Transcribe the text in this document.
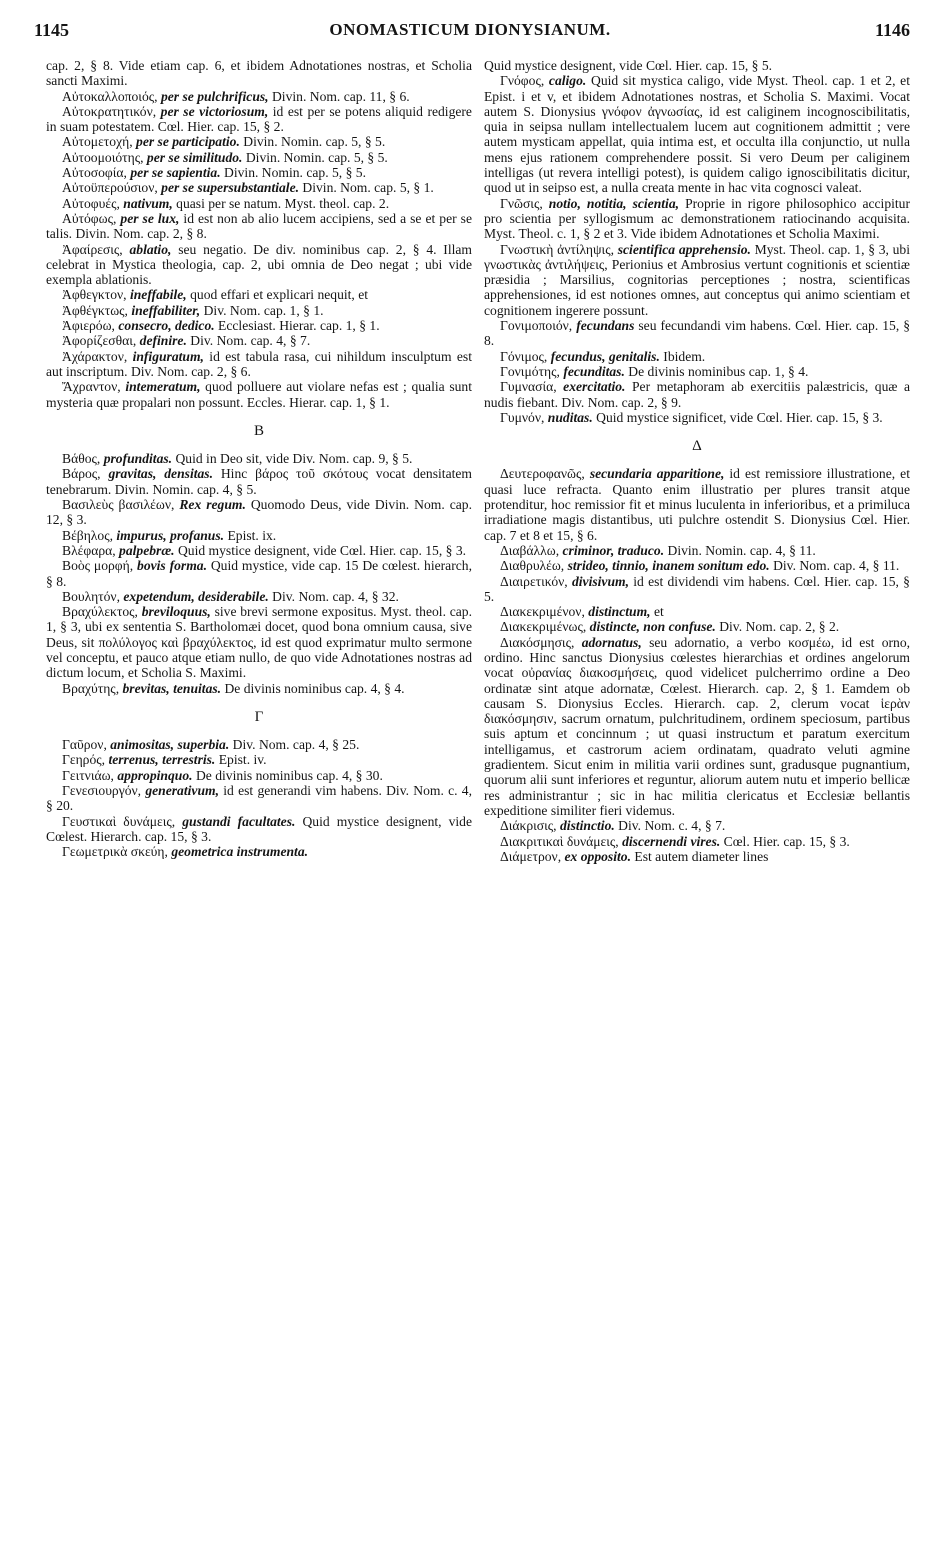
1145	ONOMASTICUM DIONYSIANUM.	1146

cap. 2, § 8. Vide etiam cap. 6, et ibidem Adnotationes nostras, et Scholia sancti Maximi.

Αὐτοκαλλοποιός, per se pulchrificus, Divin. Nom. cap. 11, § 6.

Αὐτοκρατητικόν, per se victoriosum, id est per se potens aliquid redigere in suam potestatem. Cœl. Hier. cap. 15, § 2.

Αὐτομετοχή, per se participatio. Divin. Nomin. cap. 5, § 5.

Αὐτοομοιότης, per se similitudo. Divin. Nomin. cap. 5, § 5.

Αὐτοσοφία, per se sapientia. Divin. Nomin. cap. 5, § 5.

Αὐτοϋπερούσιον, per se supersubstantiale. Divin. Nom. cap. 5, § 1.

Αὐτοφυές, nativum, quasi per se natum. Myst. theol. cap. 2.

Αὐτόφως, per se lux, id est non ab alio lucem accipiens, sed a se et per se talis. Divin. Nom. cap. 2, § 8.

Ἀφαίρεσις, ablatio, seu negatio. De div. nominibus cap. 2, § 4. Illam celebrat in Mystica theologia, cap. 2, ubi omnia de Deo negat ; ubi vide exempla ablationis.

Ἀφθεγκτον, ineffabile, quod effari et explicari nequit, et

Ἀφθέγκτως, ineffabiliter, Div. Nom. cap. 1, § 1.

Ἀφιερόω, consecro, dedico. Ecclesiast. Hierar. cap. 1, § 1.

Ἀφορίζεσθαι, definire. Div. Nom. cap. 4, § 7.

Ἀχάρακτον, infiguratum, id est tabula rasa, cui nihildum insculptum est aut inscriptum. Div. Nom. cap. 2, § 6.

Ἄχραντον, intemeratum, quod polluere aut violare nefas est ; qualia sunt mysteria quæ propalari non possunt. Eccles. Hierar. cap. 1, § 1.

B

Βάθος, profunditas. Quid in Deo sit, vide Div. Nom. cap. 9, § 5.

Βάρος, gravitas, densitas. Hinc βάρος τοῦ σκότους vocat densitatem tenebrarum. Divin. Nomin. cap. 4, § 5.

Βασιλεὺς βασιλέων, Rex regum. Quomodo Deus, vide Divin. Nom. cap. 12, § 3.

Βέβηλος, impurus, profanus. Epist. ix.

Βλέφαρα, palpebræ. Quid mystice designent, vide Cœl. Hier. cap. 15, § 3.

Βοὸς μορφή, bovis forma. Quid mystice, vide cap. 15 De cœlest. hierarch, § 8.

Βουλητόν, expetendum, desiderabile. Div. Nom. cap. 4, § 32.

Βραχύλεκτος, breviloquus, sive brevi sermone expositus. Myst. theol. cap. 1, § 3, ubi ex sententia S. Bartholomæi docet, quod bona omnium causa, sive Deus, sit πολύλογος καὶ βραχύλεκτος, id est quod exprimatur multo sermone vel conceptu, et pauco atque etiam nullo, de quo vide Adnotationes nostras ad dictum locum, et Scholia S. Maximi.

Βραχύτης, brevitas, tenuitas. De divinis nominibus cap. 4, § 4.

Γ

Γαῦρον, animositas, superbia. Div. Nom. cap. 4, § 25.

Γεηρός, terrenus, terrestris. Epist. iv.

Γειτνιάω, appropinquo. De divinis nominibus cap. 4, § 30.

Γενεσιουργόν, generativum, id est generandi vim habens. Div. Nom. c. 4, § 20.

Γευστικαὶ δυνάμεις, gustandi facultates. Quid mystice designent, vide Cœlest. Hierarch. cap. 15, § 3.

Γεωμετρικὰ σκεύη, geometrica instrumenta.

Quid mystice designent, vide Cœl. Hier. cap. 15, § 5.

Γνόφος, caligo. Quid sit mystica caligo, vide Myst. Theol. cap. 1 et 2, et Epist. i et v, et ibidem Adnotationes nostras, et Scholia S. Maximi. Vocat autem S. Dionysius γνόφον ἀγνωσίας, id est caliginem incognoscibilitatis, quia in seipsa nullam intellectualem lucem aut cognitionem admittit ; vere autem mysticam appellat, quia intima est, et occulta illa conjunctio, ut nulla mens ejus rationem comprehendere possit. Si vero Deum per caliginem intelligas (ut revera intelligi potest), is quidem caligo ignoscibilitatis dicitur, quod ut in seipso est, a nulla creata mente in hac vita cognosci valeat.

Γνῶσις, notio, notitia, scientia, Proprie in rigore philosophico accipitur pro scientia per syllogismum ac demonstrationem ratiocinando acquisita. Myst. Theol. c. 1, § 2 et 3. Vide ibidem Adnotationes et Scholia Maximi.

Γνωστικὴ ἀντίληψις, scientifica apprehensio. Myst. Theol. cap. 1, § 3, ubi γνωστικὰς ἀντιλήψεις, Perionius et Ambrosius vertunt cognitionis et scientiæ præsidia ; Marsilius, cognitorias perceptiones ; nostra, scientificas apprehensiones, id est notiones omnes, aut conceptus qui animo scientiam et cognitionem ingerere possunt.

Γονιμοποιόν, fecundans seu fecundandi vim habens. Cœl. Hier. cap. 15, § 8.

Γόνιμος, fecundus, genitalis. Ibidem.

Γονιμότης, fecunditas. De divinis nominibus cap. 1, § 4.

Γυμνασία, exercitatio. Per metaphoram ab exercitiis palæstricis, quæ a nudis fiebant. Div. Nom. cap. 2, § 9.

Γυμνόν, nuditas. Quid mystice significet, vide Cœl. Hier. cap. 15, § 3.

Δ

Δευτεροφανῶς, secundaria apparitione, id est remissiore illustratione, et quasi luce refracta. Quanto enim illustratio per plures transit atque protenditur, hoc remissior fit et minus luculenta in inferioribus, et a primiluca irradiatione magis distantibus, uti pulchre ostendit S. Dionysius Cœl. Hier. cap. 7 et 8 et 15, § 6.

Διαβάλλω, criminor, traduco. Divin. Nomin. cap. 4, § 11.

Διαθρυλέω, strideo, tinnio, inanem sonitum edo. Div. Nom. cap. 4, § 11.

Διαιρετικόν, divisivum, id est dividendi vim habens. Cœl. Hier. cap. 15, § 5.

Διακεκριμένον, distinctum, et

Διακεκριμένως, distincte, non confuse. Div. Nom. cap. 2, § 2.

Διακόσμησις, adornatus, seu adornatio, a verbo κοσμέω, id est orno, ordino. Hinc sanctus Dionysius cœlestes hierarchias et ordines angelorum vocat οὐρανίας διακοσμήσεις, quod videlicet pulcherrimo ordine a Deo ordinatæ sint atque adornatæ, Cœlest. Hierarch. cap. 2, § 1. Eamdem ob causam S. Dionysius Eccles. Hierarch. cap. 2, clerum vocat ἱερὰν διακόσμησιν, sacrum ornatum, pulchritudinem, ordinem speciosum, partibus suis aptum et concinnum ; ut quasi instructum et paratum exercitum intelligamus, et castrorum aciem ordinatam, quadrato veluti agmine gradientem. Sicut enim in militia varii ordines sunt, gradusque pugnantium, quorum alii sunt inferiores et reguntur, aliorum autem nutu et imperio bellicæ res administrantur ; sic in hac militia clericatus et Ecclesiæ bellantis expeditione similiter fieri videmus.

Διάκρισις, distinctio. Div. Nom. c. 4, § 7.

Διακριτικαὶ δυνάμεις, discernendi vires. Cœl. Hier. cap. 15, § 3.

Διάμετρον, ex opposito. Est autem diameter lines
